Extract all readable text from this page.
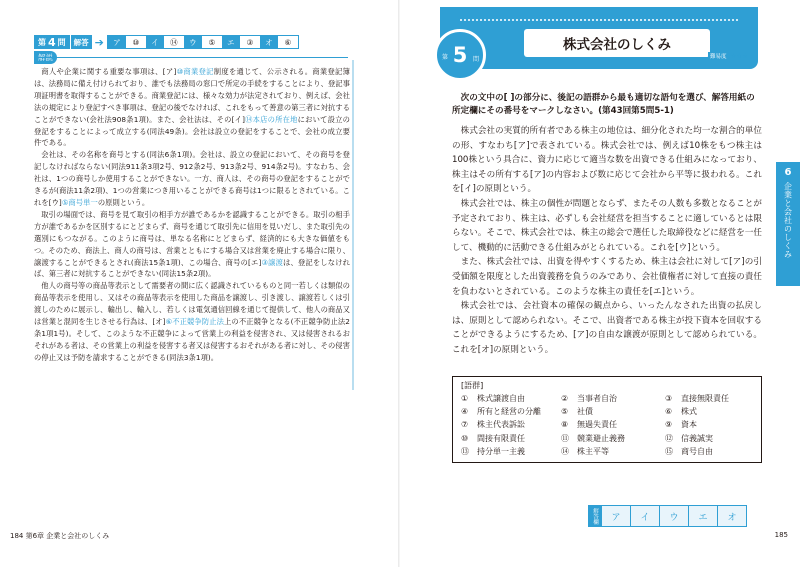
第 4 問	解答 ➔	ア	⑩	イ	⑭	ウ	⑤	エ	③	オ	⑥

商人や企業に関する重要な事項は、[ア]⑩商業登記制度を通じて、公示される。商業登記簿は、法務局に備え付けられており、誰でも法務局の窓口で所定の手続をすることにより、登記事項証明書を取得することができる。商業登記には、様々な効力が法定されており、例えば、会社法の規定により登記すべき事項は、登記の後でなければ、これをもって善意の第三者に対抗することができない(会社法908条1項)。また、会社法は、その[イ]⑭本店の所在地において設立の登記をすることによって成立する(同法49条)。会社は設立の登記をすることで、会社の成立要件である。

会社は、その名称を商号とする(同法6条1項)。会社は、設立の登記において、その商号を登記しなければならない(同法911条3項2号、912条2号、913条2号、914条2号)。すなわち、会社は、1つの商号しか使用することができない。一方、商人は、その商号の登記をすることができるが(商法11条2項)、1つの営業につき用いることができる商号は1つに限るとされている。これを[ウ]⑤商号単一の原則という。

取引の場面では、商号を見て取引の相手方が誰であるかを認識することができる。取引の相手方が誰であるかを区別するにとどまらず、商号を通じて取引先に信用を見いだし、また取引先の選別にもつながる。このように商号は、単なる名称にとどまらず、経済的にも大きな価値をもつ。そのため、商法上、商人の商号は、営業とともにする場合又は営業を廃止する場合に限り、譲渡することができるとされ(商法15条1項)、この場合、商号の[エ]③譲渡は、登記をしなければ、第三者に対抗することができない(同法15条2項)。

他人の商号等の商品等表示として需要者の間に広く認識されているものと同一若しくは類似の商品等表示を使用し、又はその商品等表示を使用した商品を譲渡し、引き渡し、譲渡若しくは引渡しのために展示し、輸出し、輸入し、若しくは電気通信回線を通じて提供して、他人の商品又は営業と混同を生じさせる行為は、[オ]⑥不正競争防止法上の不正競争となる(不正競争防止法2条1項1号)。そして、このような不正競争によって営業上の利益を侵害され、又は侵害されるおそれがある者は、その営業上の利益を侵害する者又は侵害するおそれがある者に対し、その侵害の停止又は予防を請求することができる(同法3条1項)。

184 第6章 企業と会社のしくみ
第 5 問
株式会社のしくみ
難易度 ★★☆
次の文中の[ ]の部分に、後記の語群から最も適切な語句を選び、解答用紙の所定欄にその番号をマークしなさい。(第43回第5問5-1)

株式会社の実質的所有者である株主の地位は、細分化された均一な割合的単位の形、すなわち[ア]で表されている。株式会社では、例えば10株をもつ株主は100株という具合に、資力に応じて適当な数を出資できる仕組みになっており、株主はその所有する[ア]の内容および数に応じて会社から平等に扱われる。これを[イ]の原則という。

株式会社では、株主の個性が問題とならず、またその人数も多数となることが予定されており、株主は、必ずしも会社経営を担当することに適しているとは限らない。そこで、株式会社では、株主の総会で選任した取締役などに経営を一任して、機動的に活動できる仕組みがとられている。これを[ウ]という。

また、株式会社では、出資を得やすくするため、株主は会社に対して[ア]の引受価額を限度とした出資義務を負うのみであり、会社債権者に対して直接の責任を負わないとされている。このような株主の責任を[エ]という。

株式会社では、会社資本の確保の観点から、いったんなされた出資の払戻しは、原則として認められない。そこで、出資者である株主が投下資本を回収することができるようにするため、[ア]の自由な譲渡が原則として認められている。これを[オ]の原則という。

[語群]
①	株式譲渡自由	②	当事者自治	③	直接無限責任
④	所有と経営の分離	⑤	社債	⑥	株式
⑦	株主代表訴訟	⑧	無過失責任	⑨	資本
⑩	間接有限責任	⑪	競業避止義務	⑫	信義誠実
⑬	持分単一主義	⑭	株主平等	⑮	商号自由
解答欄	ア	イ	ウ	エ	オ
6
企業と会社のしくみ
185
